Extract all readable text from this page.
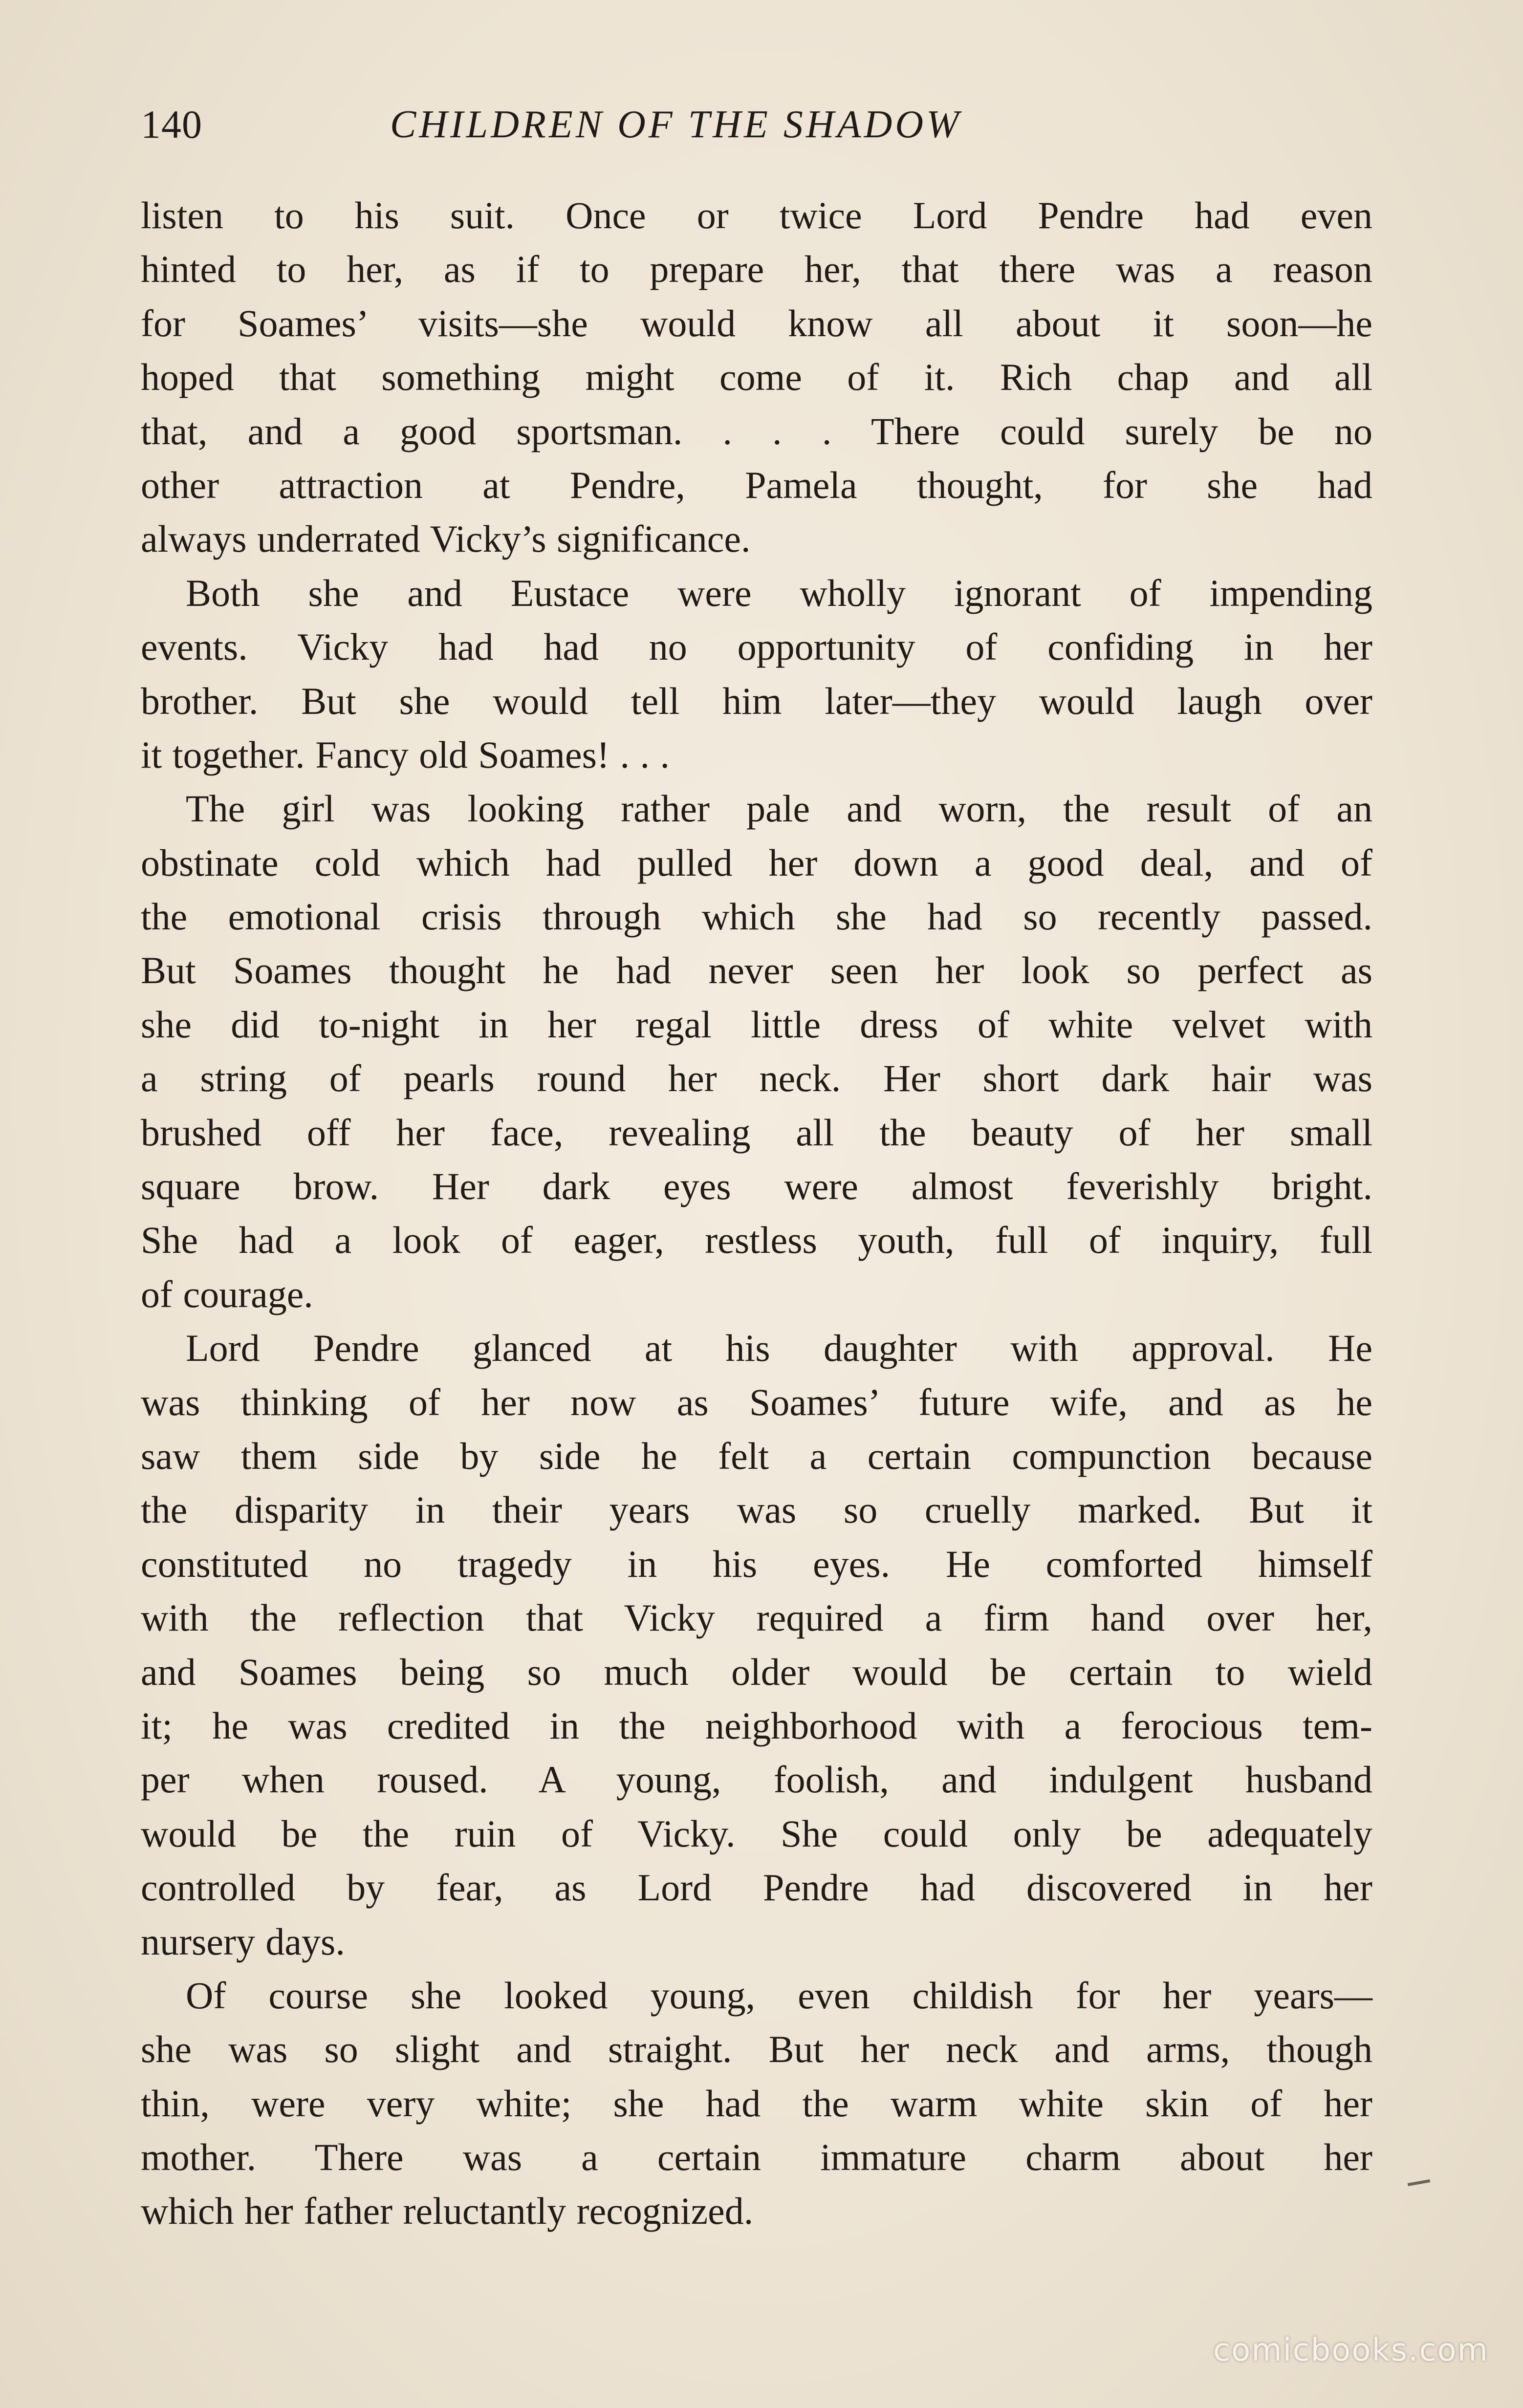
140	CHILDREN OF THE SHADOW
listen to his suit. Once or twice Lord Pendre had even
hinted to her, as if to prepare her, that there was a reason
for Soames’ visits—she would know all about it soon—he
hoped that something might come of it. Rich chap and all
that, and a good sportsman. . . . There could surely be no
other attraction at Pendre, Pamela thought, for she had
always underrated Vicky’s significance.
Both she and Eustace were wholly ignorant of impending
events. Vicky had had no opportunity of confiding in her
brother. But she would tell him later—they would laugh over
it together. Fancy old Soames! . . .
The girl was looking rather pale and worn, the result of an
obstinate cold which had pulled her down a good deal, and of
the emotional crisis through which she had so recently passed.
But Soames thought he had never seen her look so perfect as
she did to-night in her regal little dress of white velvet with
a string of pearls round her neck. Her short dark hair was
brushed off her face, revealing all the beauty of her small
square brow. Her dark eyes were almost feverishly bright.
She had a look of eager, restless youth, full of inquiry, full
of courage.
Lord Pendre glanced at his daughter with approval. He
was thinking of her now as Soames’ future wife, and as he
saw them side by side he felt a certain compunction because
the disparity in their years was so cruelly marked. But it
constituted no tragedy in his eyes. He comforted himself
with the reflection that Vicky required a firm hand over her,
and Soames being so much older would be certain to wield
it; he was credited in the neighborhood with a ferocious tem-
per when roused. A young, foolish, and indulgent husband
would be the ruin of Vicky. She could only be adequately
controlled by fear, as Lord Pendre had discovered in her
nursery days.
Of course she looked young, even childish for her years—
she was so slight and straight. But her neck and arms, though
thin, were very white; she had the warm white skin of her
mother. There was a certain immature charm about her
which her father reluctantly recognized.
comicbooks.com
